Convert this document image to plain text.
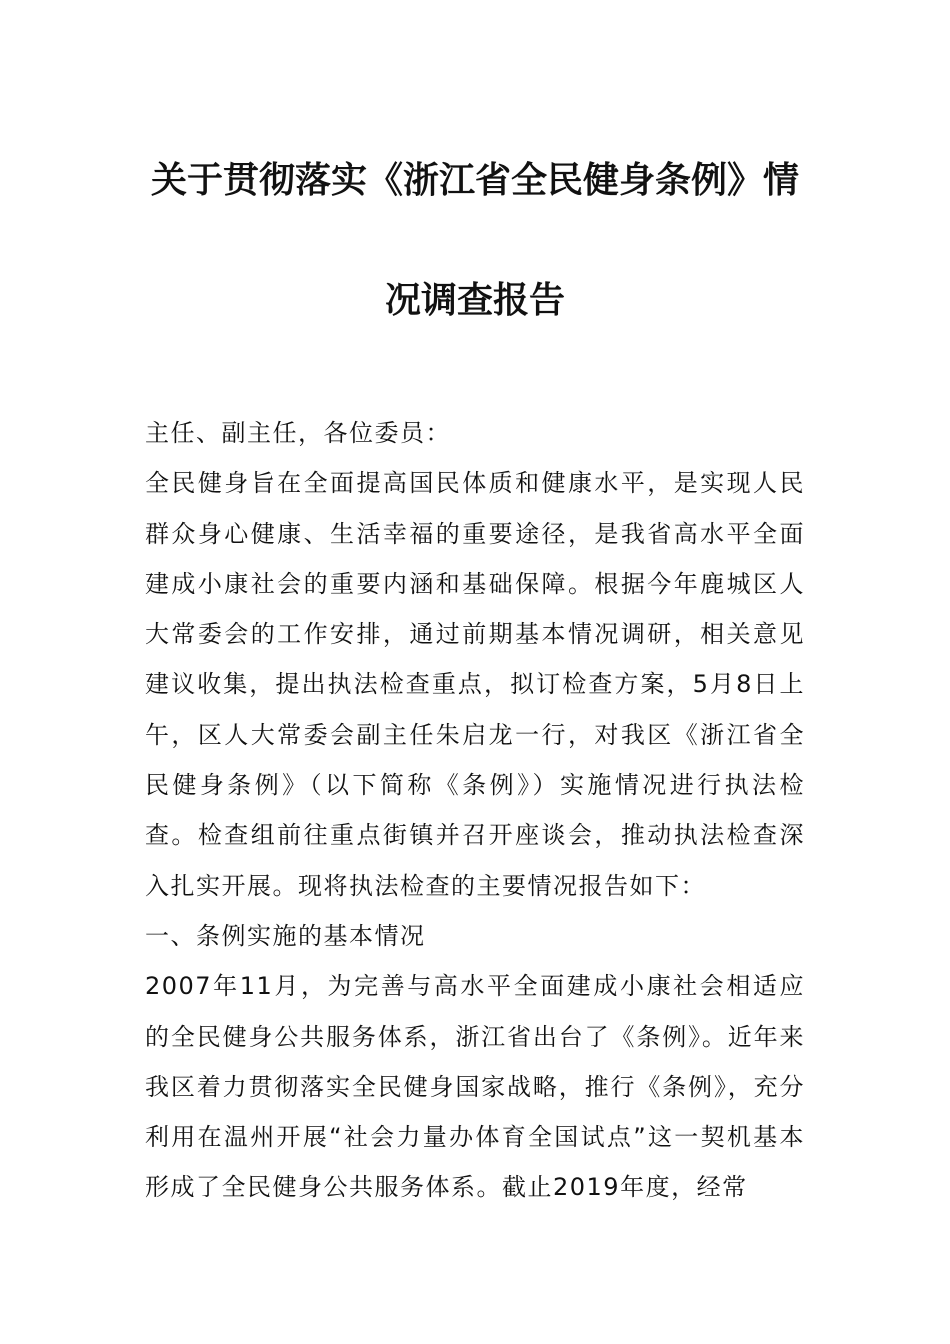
关于贯彻落实《浙江省全民健身条例》情
况调查报告

主任、副主任，各位委员：

全民健身旨在全面提高国民体质和健康水平，是实现人民群众身心健康、生活幸福的重要途径，是我省高水平全面建成小康社会的重要内涵和基础保障。根据今年鹿城区人大常委会的工作安排，通过前期基本情况调研，相关意见建议收集，提出执法检查重点，拟订检查方案，5月8日上午，区人大常委会副主任朱启龙一行，对我区《浙江省全民健身条例》（以下简称《条例》）实施情况进行执法检查。检查组前往重点街镇并召开座谈会，推动执法检查深入扎实开展。现将执法检查的主要情况报告如下：

一、条例实施的基本情况

2007年11月，为完善与高水平全面建成小康社会相适应的全民健身公共服务体系，浙江省出台了《条例》。近年来我区着力贯彻落实全民健身国家战略，推行《条例》，充分利用在温州开展“社会力量办体育全国试点”这一契机基本形成了全民健身公共服务体系。截止2019年度，经常
